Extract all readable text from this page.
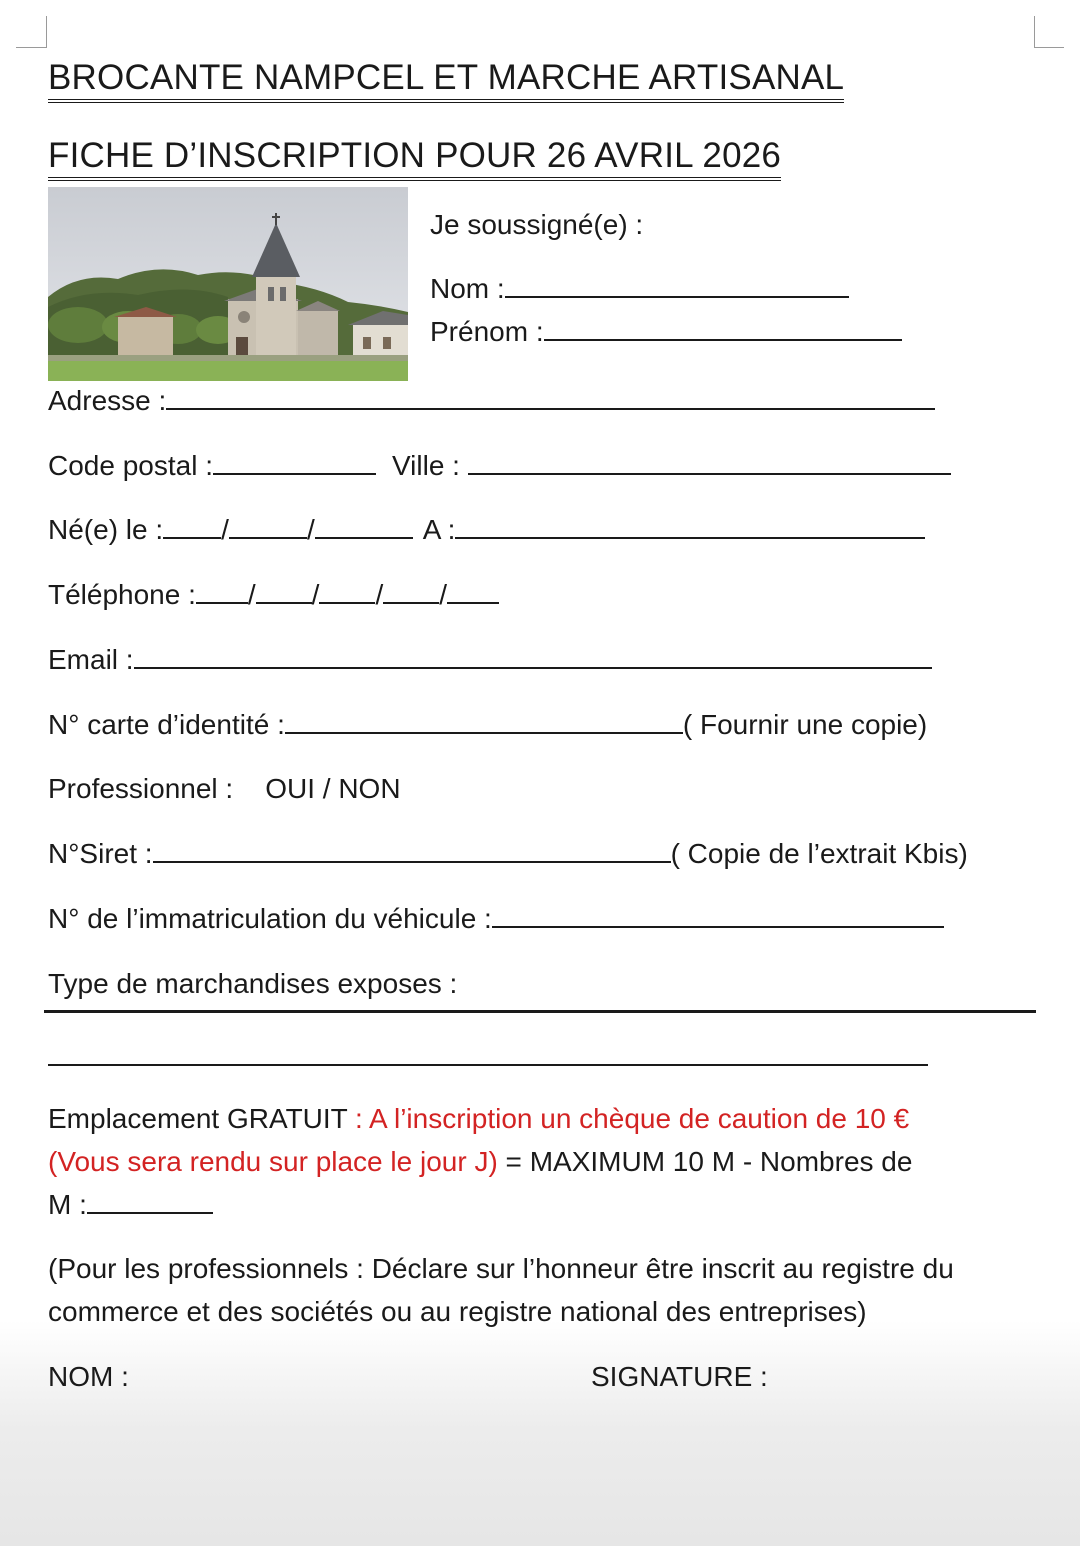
BROCANTE NAMPCEL ET MARCHE ARTISANAL
FICHE D’INSCRIPTION POUR 26 AVRIL 2026
Je soussigné(e) :
Nom :
Prénom :
Adresse :
Code postal :	Ville :
Né(e) le : /	/	A :
Téléphone : / / / /
Email :
N° carte d’identité :	( Fournir une copie)
Professionnel : OUI / NON
N°Siret :	( Copie de l’extrait Kbis)
N° de l’immatriculation du véhicule :
Type de marchandises exposes :
Emplacement GRATUIT : A l’inscription un chèque de caution de 10 €
(Vous sera rendu sur place le jour J) = MAXIMUM 10 M - Nombres de
M :
(Pour les professionnels : Déclare sur l’honneur être inscrit au registre du commerce et des sociétés ou au registre national des entreprises)
NOM :	SIGNATURE :
